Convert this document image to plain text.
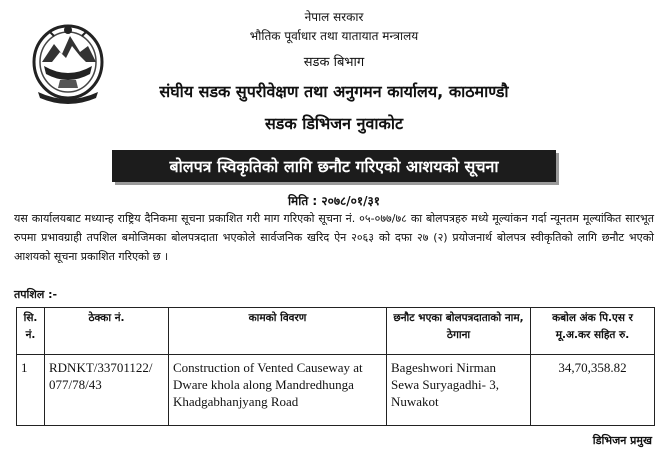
नेपाल सरकार
भौतिक पूर्वाधार तथा यातायात मन्त्रालय
सडक बिभाग
संघीय सडक सुपरीवेक्षण तथा अनुगमन कार्यालय, काठमाण्डौ
सडक डिभिजन नुवाकोट
बोलपत्र स्विकृतिको लागि छनौट गरिएको आशयको सूचना
मिति : २०७८/०१/३१
यस कार्यालयबाट मध्यान्ह राष्ट्रिय दैनिकमा सूचना प्रकाशित गरी माग गरिएको सूचना नं. ०५-०७७/७८ का बोलपत्रहरु मध्ये मूल्यांकन गर्दा न्यूनतम मूल्यांकित सारभूत रुपमा प्रभावग्राही तपशिल बमोजिमका बोलपत्रदाता भएकोले सार्वजनिक खरिद ऐन २०६३ को दफा २७ (२) प्रयोजनार्थ बोलपत्र स्वीकृतिको लागि छनौट भएको आशयको सूचना प्रकाशित गरिएको छ ।
तपशिल :-
सि. नं.	ठेक्का नं.	कामको विवरण	छनौट भएका बोलपत्रदाताको नाम, ठेगाना	कबोल अंक पि.एस र मू.अ.कर सहित रु.
1	RDNKT/33701122/ 077/78/43	Construction of Vented Causeway at Dware khola along Mandredhunga Khadgabhanjyang Road	Bageshwori Nirman Sewa Suryagadhi- 3, Nuwakot	34,70,358.82
डिभिजन प्रमुख
